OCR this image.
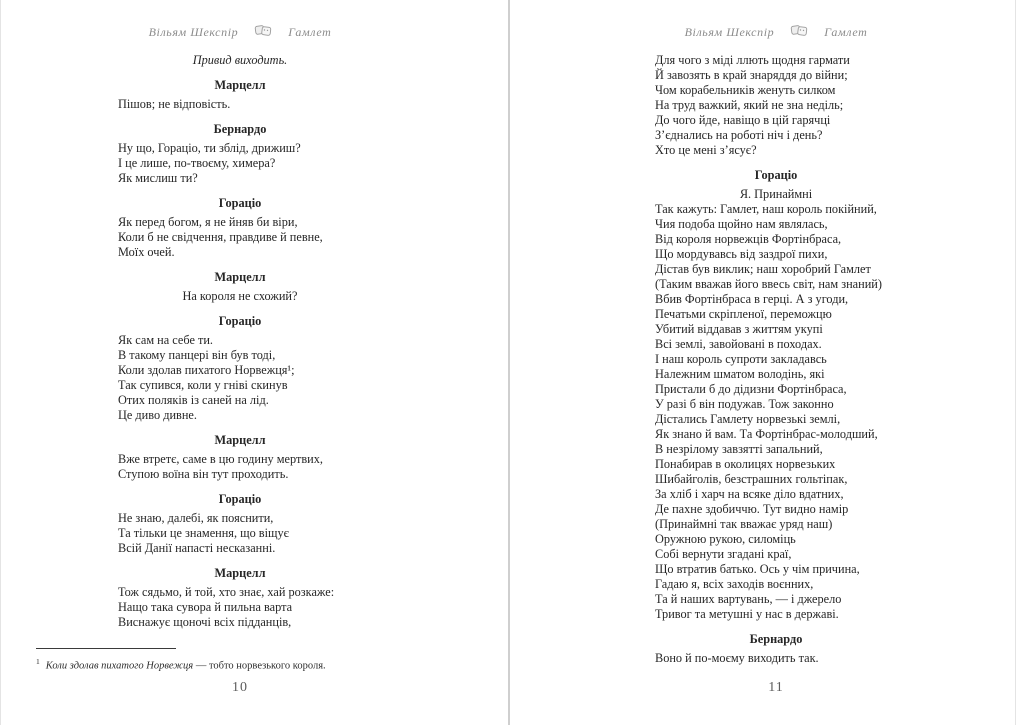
Вільям Шекспір	Гамлет
Привид виходить.
Марцелл
Пішов; не відповість.
Бернардо
Ну що, Гораціо, ти зблід, дрижиш?
І це лише, по-твоєму, химера?
Як мислиш ти?
Гораціо
Як перед богом, я не йняв би віри,
Коли б не свідчення, правдиве й певне,
Моїх очей.
Марцелл
На короля не схожий?
Гораціо
Як сам на себе ти.
В такому панцері він був тоді,
Коли здолав пихатого Норвежця¹;
Так супився, коли у гніві скинув
Отих поляків із саней на лід.
Це диво дивне.
Марцелл
Вже втретє, саме в цю годину мертвих,
Ступою воїна він тут проходить.
Гораціо
Не знаю, далебі, як пояснити,
Та тільки це знамення, що віщує
Всій Данії напасті несказанні.
Марцелл
Тож сядьмо, й той, хто знає, хай розкаже:
Нащо така сувора й пильна варта
Виснажує щоночі всіх підданців,
$^1$ Коли здолав пихатого Норвежця — тобто норвезького короля.
10
Вільям Шекспір	Гамлет
Для чого з міді ллють щодня гармати
Й завозять в край знаряддя до війни;
Чом корабельників женуть силком
На труд важкий, який не зна неділь;
До чого йде, навіщо в цій гарячці
З’єднались на роботі ніч і день?
Хто це мені з’ясує?
Гораціо
Я. Принаймні
Так кажуть: Гамлет, наш король покійний,
Чия подоба щойно нам являлась,
Від короля норвежців Фортінбраса,
Що мордувавсь від заздрої пихи,
Дістав був виклик; наш хоробрий Гамлет
(Таким вважав його ввесь світ, нам знаний)
Вбив Фортінбраса в герці. А з угоди,
Печатьми скріпленої, переможцю
Убитий віддавав з життям укупі
Всі землі, завойовані в походах.
І наш король супроти закладавсь
Належним шматом володінь, які
Пристали б до дідизни Фортінбраса,
У разі б він подужав. Тож законно
Дістались Гамлету норвезькі землі,
Як знано й вам. Та Фортінбрас-молодший,
В незрілому завзятті запальний,
Понабирав в околицях норвезьких
Шибайголів, безстрашних гольтіпак,
За хліб і харч на всяке діло вдатних,
Де пахне здобиччю. Тут видно намір
(Принаймні так вважає уряд наш)
Оружною рукою, силоміць
Собі вернути згадані краї,
Що втратив батько. Ось у чім причина,
Гадаю я, всіх заходів воєнних,
Та й наших вартувань, — і джерело
Тривог та метушні у нас в державі.
Бернардо
Воно й по-моєму виходить так.
11
